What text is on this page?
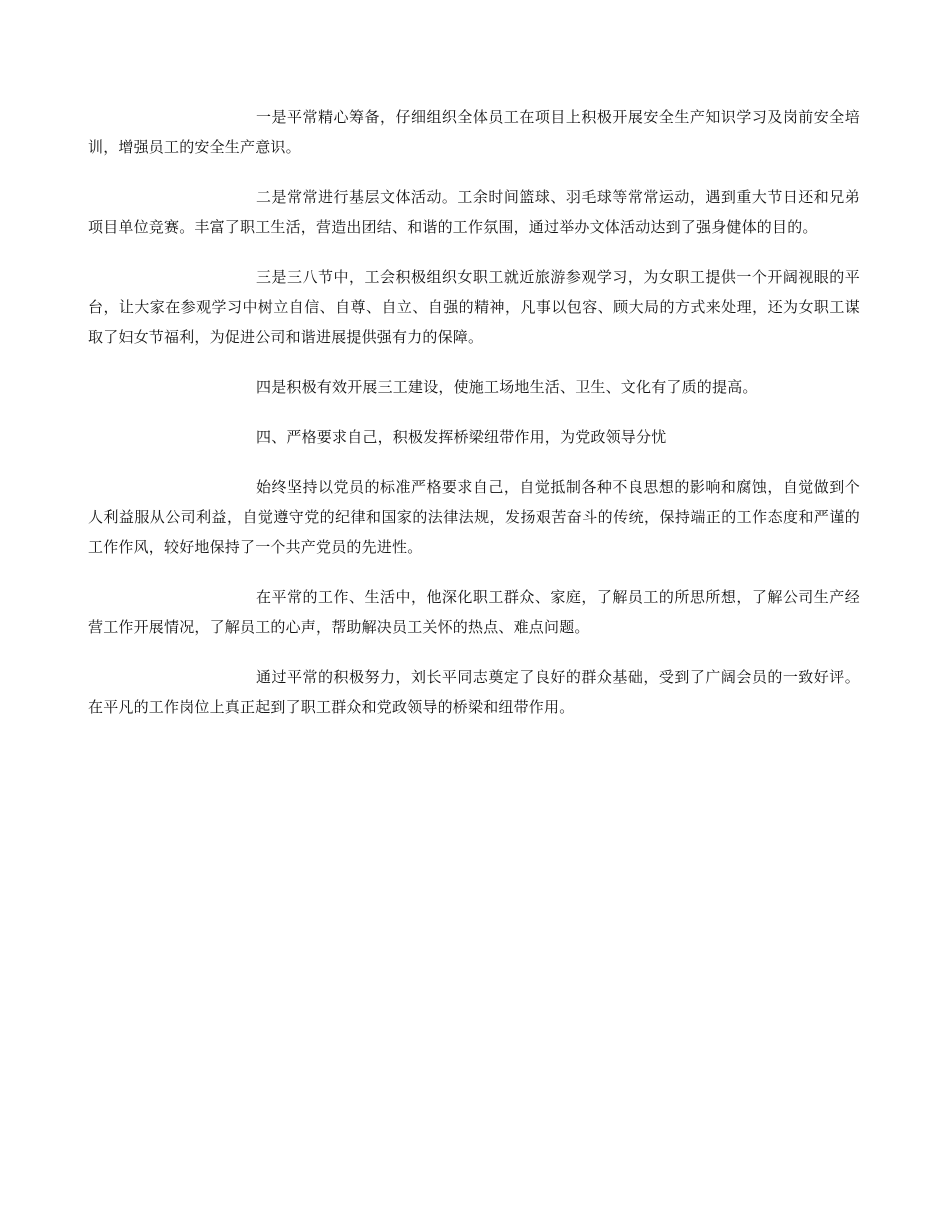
一是平常精心筹备，仔细组织全体员工在项目上积极开展安全生产知识学习及岗前安全培训，增强员工的安全生产意识。

二是常常进行基层文体活动。工余时间篮球、羽毛球等常常运动，遇到重大节日还和兄弟项目单位竞赛。丰富了职工生活，营造出团结、和谐的工作氛围，通过举办文体活动达到了强身健体的目的。

三是三八节中，工会积极组织女职工就近旅游参观学习，为女职工提供一个开阔视眼的平台，让大家在参观学习中树立自信、自尊、自立、自强的精神，凡事以包容、顾大局的方式来处理，还为女职工谋取了妇女节福利，为促进公司和谐进展提供强有力的保障。

四是积极有效开展三工建设，使施工场地生活、卫生、文化有了质的提高。

四、严格要求自己，积极发挥桥梁纽带作用，为党政领导分忧

始终坚持以党员的标准严格要求自己，自觉抵制各种不良思想的影响和腐蚀，自觉做到个人利益服从公司利益，自觉遵守党的纪律和国家的法律法规，发扬艰苦奋斗的传统，保持端正的工作态度和严谨的工作作风，较好地保持了一个共产党员的先进性。

在平常的工作、生活中，他深化职工群众、家庭，了解员工的所思所想，了解公司生产经营工作开展情况，了解员工的心声，帮助解决员工关怀的热点、难点问题。

通过平常的积极努力，刘长平同志奠定了良好的群众基础，受到了广阔会员的一致好评。在平凡的工作岗位上真正起到了职工群众和党政领导的桥梁和纽带作用。
